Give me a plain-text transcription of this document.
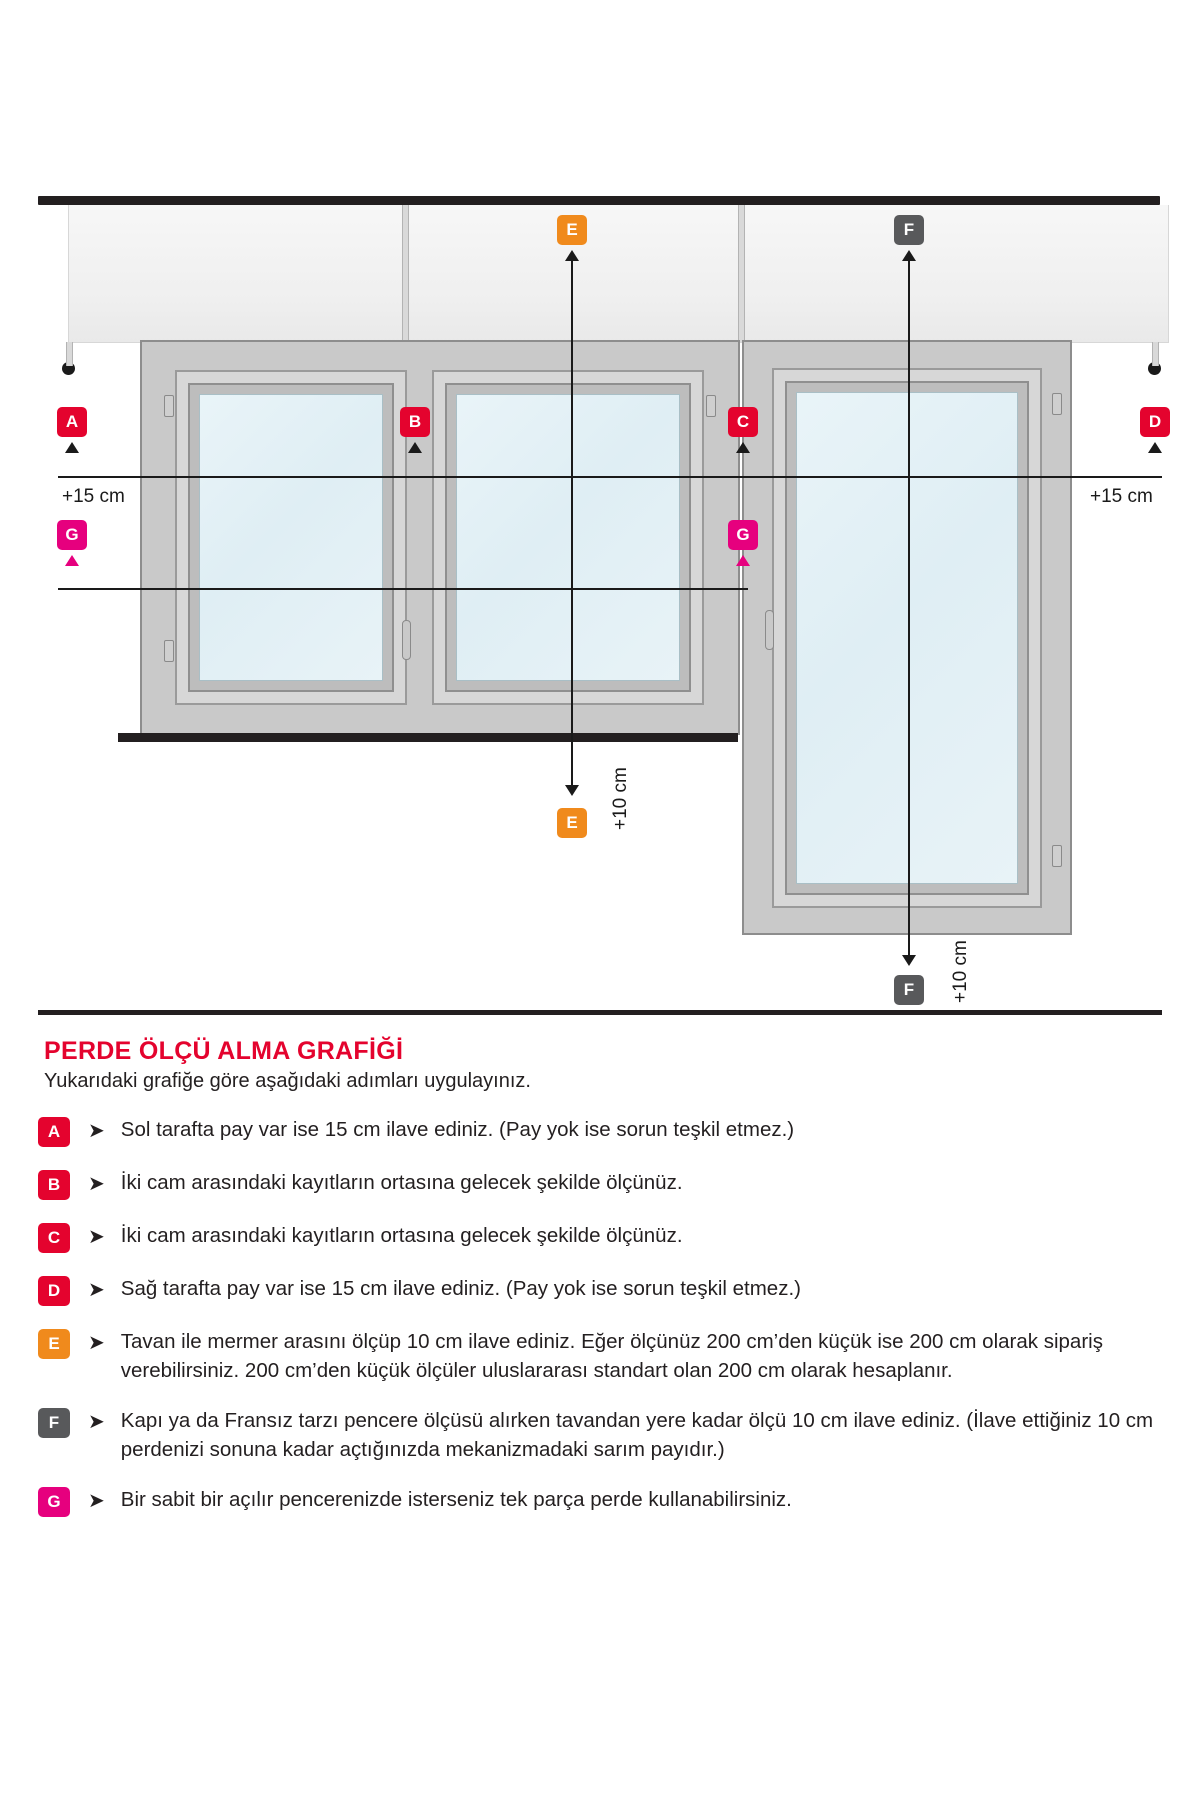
A	B	C	D
G	G
E
E
F
F
+15 cm	+15 cm
+10 cm
+10 cm
PERDE ÖLÇÜ ALMA GRAFİĞİ
Yukarıdaki grafiğe göre aşağıdaki adımları uygulayınız.
A	➤ Sol tarafta pay var ise 15 cm ilave ediniz. (Pay yok ise sorun teşkil etmez.)
B	➤ İki cam arasındaki kayıtların ortasına gelecek şekilde ölçünüz.
C	➤ İki cam arasındaki kayıtların ortasına gelecek şekilde ölçünüz.
D	➤ Sağ tarafta pay var ise 15 cm ilave ediniz. (Pay yok ise sorun teşkil etmez.)
E	➤ Tavan ile mermer arasını ölçüp 10 cm ilave ediniz. Eğer ölçünüz 200 cm’den küçük ise 200 cm olarak sipariş verebilirsiniz. 200 cm’den küçük ölçüler uluslararası standart olan 200 cm olarak hesaplanır.
F	➤ Kapı ya da Fransız tarzı pencere ölçüsü alırken tavandan yere kadar ölçü 10 cm ilave ediniz. (İlave ettiğiniz 10 cm perdenizi sonuna kadar açtığınızda mekanizmadaki sarım payıdır.)
G	➤ Bir sabit bir açılır pencerenizde isterseniz tek parça perde kullanabilirsiniz.
